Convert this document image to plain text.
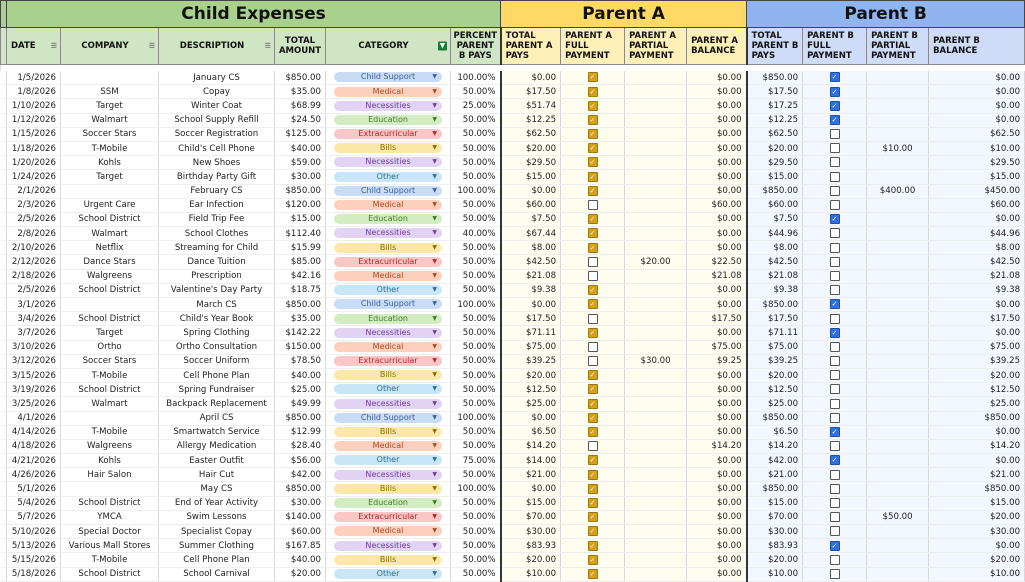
	Child Expenses						Parent A				Parent B			

	DATE ☰	COMPANY ☰	DESCRIPTION ☰	TOTAL AMOUNT	CATEGORY ▼	PERCENT PARENT B PAYS	TOTAL PARENT A PAYS	PARENT A FULL PAYMENT	PARENT A PARTIAL PAYMENT	PARENT A BALANCE	TOTAL PARENT B PAYS	PARENT B FULL PAYMENT	PARENT B PARTIAL PAYMENT	PARENT B BALANCE

	1/5/2026		January CS	$850.00	Child Support ▼	100.00%	$0.00	✓		$0.00	$850.00	✓		$0.00
	1/8/2026	SSM	Copay	$35.00	Medical ▼	50.00%	$17.50	✓		$0.00	$17.50	✓		$0.00
	1/10/2026	Target	Winter Coat	$68.99	Necessities ▼	25.00%	$51.74	✓		$0.00	$17.25	✓		$0.00
	1/12/2026	Walmart	School Supply Refill	$24.50	Education ▼	50.00%	$12.25	✓		$0.00	$12.25	✓		$0.00
	1/15/2026	Soccer Stars	Soccer Registration	$125.00	Extracurricular ▼	50.00%	$62.50	✓		$0.00	$62.50			$62.50
	1/18/2026	T-Mobile	Child's Cell Phone	$40.00	Bills ▼	50.00%	$20.00	✓		$0.00	$20.00		$10.00	$10.00
	1/20/2026	Kohls	New Shoes	$59.00	Necessities ▼	50.00%	$29.50	✓		$0.00	$29.50			$29.50
	1/24/2026	Target	Birthday Party Gift	$30.00	Other ▼	50.00%	$15.00	✓		$0.00	$15.00			$15.00
	2/1/2026		February CS	$850.00	Child Support ▼	100.00%	$0.00	✓		$0.00	$850.00		$400.00	$450.00
	2/3/2026	Urgent Care	Ear Infection	$120.00	Medical ▼	50.00%	$60.00			$60.00	$60.00			$60.00
	2/5/2026	School District	Field Trip Fee	$15.00	Education ▼	50.00%	$7.50	✓		$0.00	$7.50	✓		$0.00
	2/8/2026	Walmart	School Clothes	$112.40	Necessities ▼	40.00%	$67.44	✓		$0.00	$44.96			$44.96
	2/10/2026	Netflix	Streaming for Child	$15.99	Bills ▼	50.00%	$8.00	✓		$0.00	$8.00			$8.00
	2/12/2026	Dance Stars	Dance Tuition	$85.00	Extracurricular ▼	50.00%	$42.50		$20.00	$22.50	$42.50			$42.50
	2/18/2026	Walgreens	Prescription	$42.16	Medical ▼	50.00%	$21.08			$21.08	$21.08			$21.08
	2/5/2026	School District	Valentine's Day Party	$18.75	Other ▼	50.00%	$9.38	✓		$0.00	$9.38			$9.38
	3/1/2026		March CS	$850.00	Child Support ▼	100.00%	$0.00	✓		$0.00	$850.00	✓		$0.00
	3/4/2026	School District	Child's Year Book	$35.00	Education ▼	50.00%	$17.50			$17.50	$17.50			$17.50
	3/7/2026	Target	Spring Clothing	$142.22	Necessities ▼	50.00%	$71.11	✓		$0.00	$71.11	✓		$0.00
	3/10/2026	Ortho	Ortho Consultation	$150.00	Medical ▼	50.00%	$75.00			$75.00	$75.00			$75.00
	3/12/2026	Soccer Stars	Soccer Uniform	$78.50	Extracurricular ▼	50.00%	$39.25		$30.00	$9.25	$39.25			$39.25
	3/15/2026	T-Mobile	Cell Phone Plan	$40.00	Bills ▼	50.00%	$20.00	✓		$0.00	$20.00			$20.00
	3/19/2026	School District	Spring Fundraiser	$25.00	Other ▼	50.00%	$12.50	✓		$0.00	$12.50			$12.50
	3/25/2026	Walmart	Backpack Replacement	$49.99	Necessities ▼	50.00%	$25.00	✓		$0.00	$25.00			$25.00
	4/1/2026		April CS	$850.00	Child Support ▼	100.00%	$0.00	✓		$0.00	$850.00			$850.00
	4/14/2026	T-Mobile	Smartwatch Service	$12.99	Bills ▼	50.00%	$6.50	✓		$0.00	$6.50	✓		$0.00
	4/18/2026	Walgreens	Allergy Medication	$28.40	Medical ▼	50.00%	$14.20			$14.20	$14.20			$14.20
	4/21/2026	Kohls	Easter Outfit	$56.00	Other ▼	75.00%	$14.00	✓		$0.00	$42.00	✓		$0.00
	4/26/2026	Hair Salon	Hair Cut	$42.00	Necessities ▼	50.00%	$21.00	✓		$0.00	$21.00			$21.00
	5/1/2026		May CS	$850.00	Bills ▼	100.00%	$0.00	✓		$0.00	$850.00			$850.00
	5/4/2026	School District	End of Year Activity	$30.00	Education ▼	50.00%	$15.00	✓		$0.00	$15.00			$15.00
	5/7/2026	YMCA	Swim Lessons	$140.00	Extracurricular ▼	50.00%	$70.00	✓		$0.00	$70.00		$50.00	$20.00
	5/10/2026	Special Doctor	Specialist Copay	$60.00	Medical ▼	50.00%	$30.00	✓		$0.00	$30.00			$30.00
	5/13/2026	Various Mall Stores	Summer Clothing	$167.85	Necessities ▼	50.00%	$83.93	✓		$0.00	$83.93	✓		$0.00
	5/15/2026	T-Mobile	Cell Phone Plan	$40.00	Bills ▼	50.00%	$20.00	✓		$0.00	$20.00			$20.00
	5/18/2026	School District	School Carnival	$20.00	Other ▼	50.00%	$10.00	✓		$0.00	$10.00			$10.00
